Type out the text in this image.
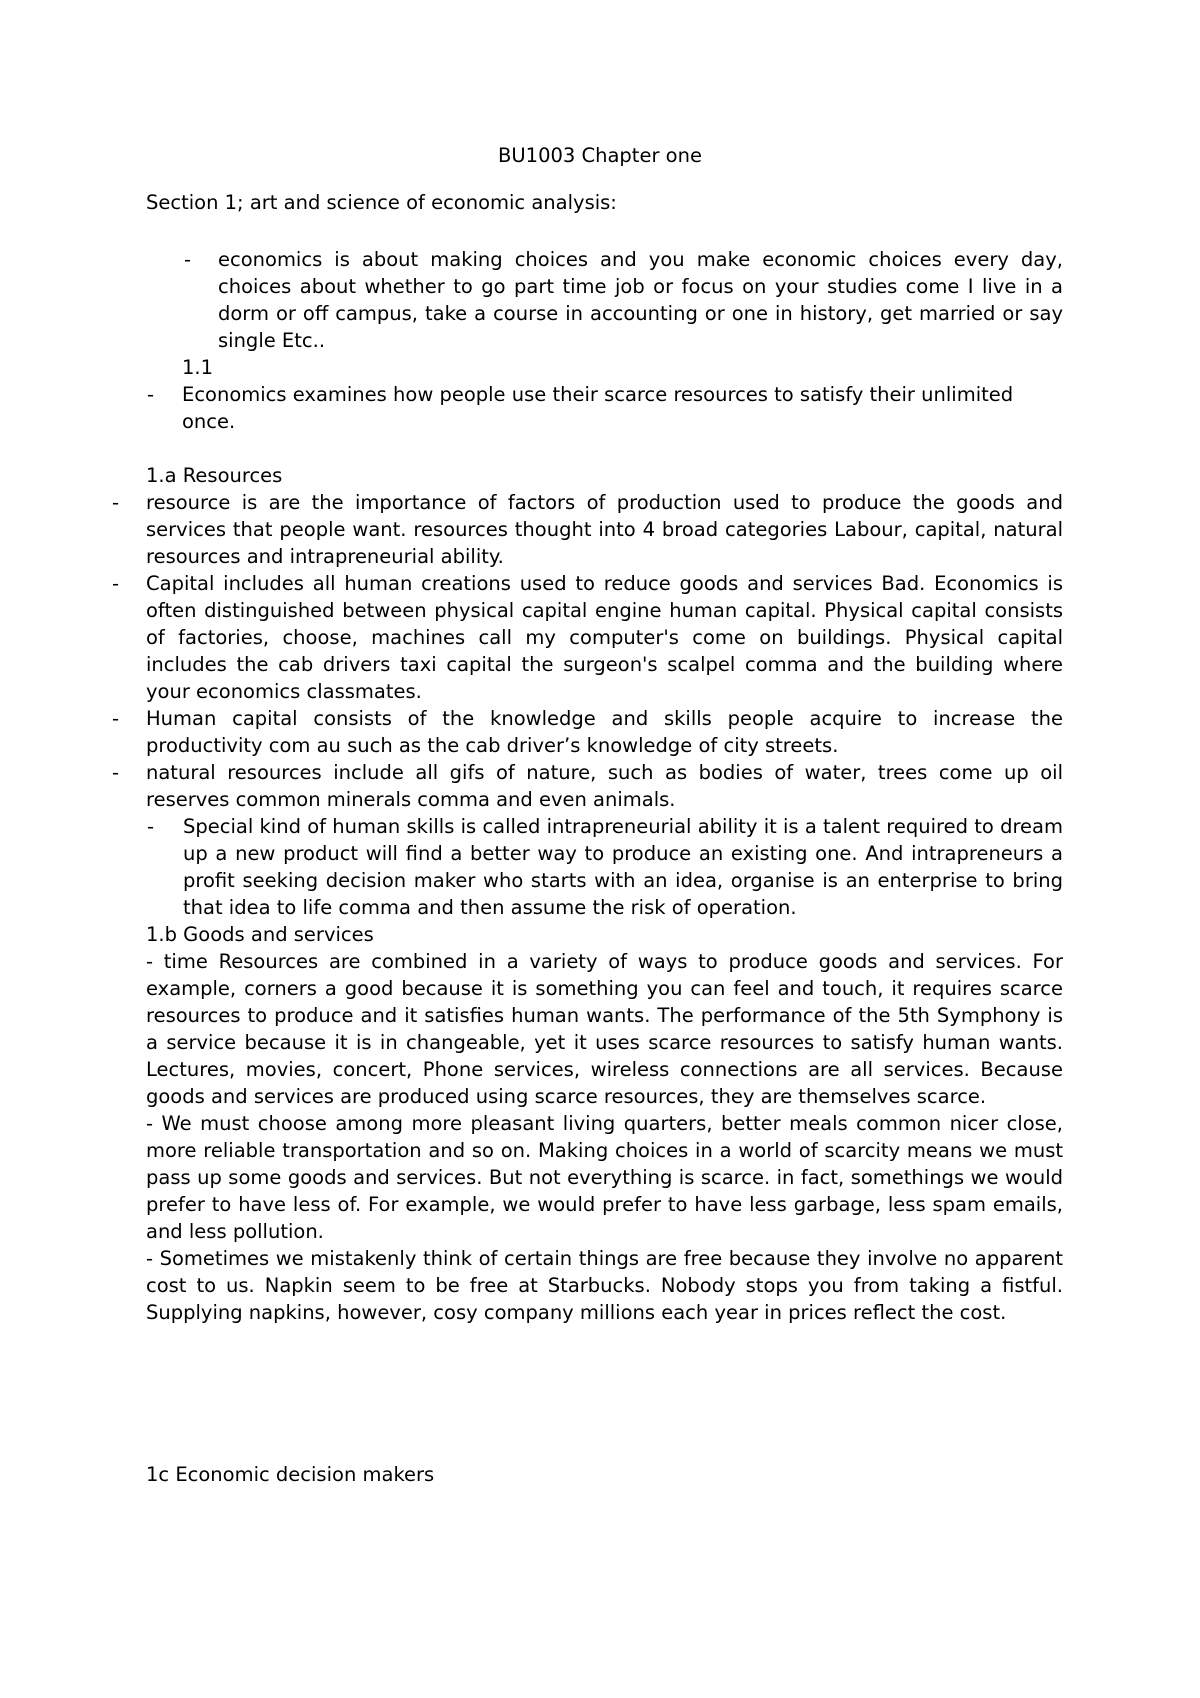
BU1003 Chapter one
Section 1; art and science of economic analysis:
- economics is about making choices and you make economic choices every day, choices about whether to go part time job or focus on your studies come I live in a dorm or off campus, take a course in accounting or one in history, get married or say single Etc..
1.1
- Economics examines how people use their scarce resources to satisfy their unlimited once.
1.a Resources
- resource is are the importance of factors of production used to produce the goods and services that people want. resources thought into 4 broad categories Labour, capital, natural resources and intrapreneurial ability.
- Capital includes all human creations used to reduce goods and services Bad. Economics is often distinguished between physical capital engine human capital. Physical capital consists of factories, choose, machines call my computer's come on buildings. Physical capital includes the cab drivers taxi capital the surgeon's scalpel comma and the building where your economics classmates.
- Human capital consists of the knowledge and skills people acquire to increase the productivity com au such as the cab driver’s knowledge of city streets.
- natural resources include all gifs of nature, such as bodies of water, trees come up oil reserves common minerals comma and even animals.
- Special kind of human skills is called intrapreneurial ability it is a talent required to dream up a new product will find a better way to produce an existing one. And intrapreneurs a profit seeking decision maker who starts with an idea, organise is an enterprise to bring that idea to life comma and then assume the risk of operation.
1.b Goods and services
- time Resources are combined in a variety of ways to produce goods and services. For example, corners a good because it is something you can feel and touch, it requires scarce resources to produce and it satisfies human wants. The performance of the 5th Symphony is a service because it is in changeable, yet it uses scarce resources to satisfy human wants. Lectures, movies, concert, Phone services, wireless connections are all services. Because goods and services are produced using scarce resources, they are themselves scarce.
- We must choose among more pleasant living quarters, better meals common nicer close, more reliable transportation and so on. Making choices in a world of scarcity means we must pass up some goods and services. But not everything is scarce. in fact, somethings we would prefer to have less of. For example, we would prefer to have less garbage, less spam emails, and less pollution.
- Sometimes we mistakenly think of certain things are free because they involve no apparent cost to us. Napkin seem to be free at Starbucks. Nobody stops you from taking a fistful. Supplying napkins, however, cosy company millions each year in prices reflect the cost.
1c Economic decision makers
